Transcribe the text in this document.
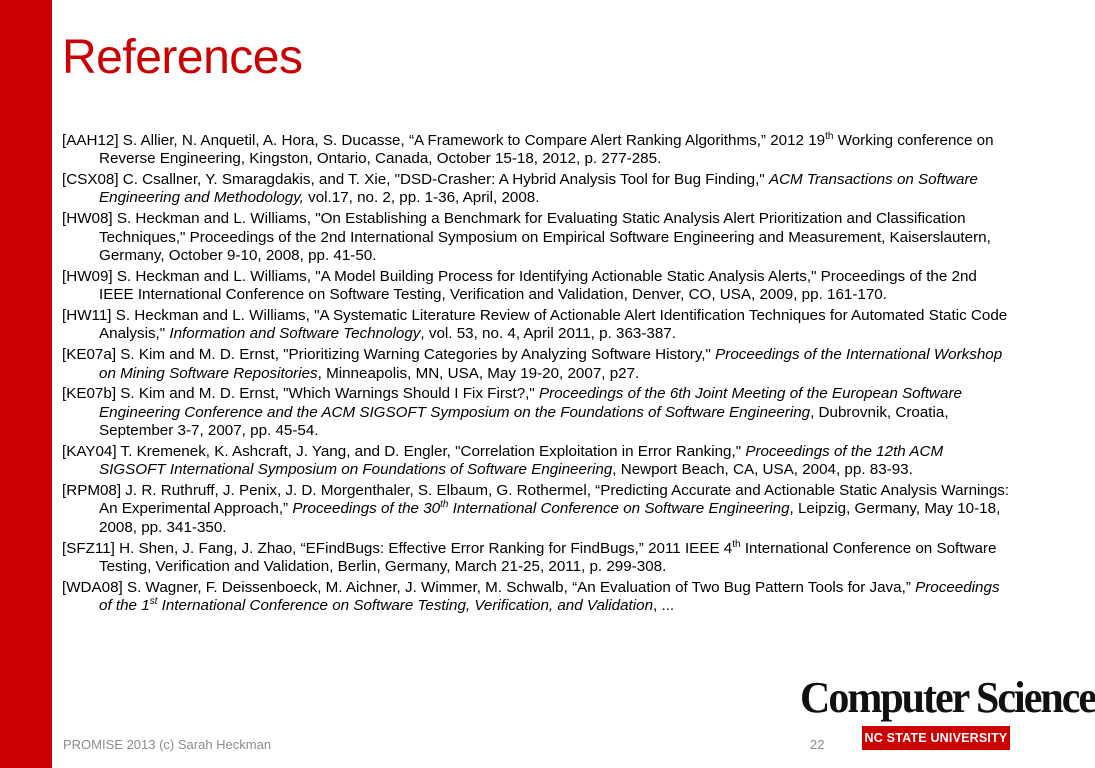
References

[AAH12] S. Allier, N. Anquetil, A. Hora, S. Ducasse, “A Framework to Compare Alert Ranking Algorithms,” 2012 19th Working conference on Reverse Engineering, Kingston, Ontario, Canada, October 15-18, 2012, p. 277-285.

[CSX08] C. Csallner, Y. Smaragdakis, and T. Xie, "DSD-Crasher: A Hybrid Analysis Tool for Bug Finding," ACM Transactions on Software Engineering and Methodology, vol.17, no. 2, pp. 1-36, April, 2008.

[HW08] S. Heckman and L. Williams, "On Establishing a Benchmark for Evaluating Static Analysis Alert Prioritization and Classification Techniques," Proceedings of the 2nd International Symposium on Empirical Software Engineering and Measurement, Kaiserslautern, Germany, October 9-10, 2008, pp. 41-50.

[HW09] S. Heckman and L. Williams, "A Model Building Process for Identifying Actionable Static Analysis Alerts," Proceedings of the 2nd IEEE International Conference on Software Testing, Verification and Validation, Denver, CO, USA, 2009, pp. 161-170.

[HW11] S. Heckman and L. Williams, "A Systematic Literature Review of Actionable Alert Identification Techniques for Automated Static Code Analysis," Information and Software Technology, vol. 53, no. 4, April 2011, p. 363-387.

[KE07a] S. Kim and M. D. Ernst, "Prioritizing Warning Categories by Analyzing Software History," Proceedings of the International Workshop on Mining Software Repositories, Minneapolis, MN, USA, May 19-20, 2007, p27.

[KE07b] S. Kim and M. D. Ernst, "Which Warnings Should I Fix First?," Proceedings of the 6th Joint Meeting of the European Software Engineering Conference and the ACM SIGSOFT Symposium on the Foundations of Software Engineering, Dubrovnik, Croatia, September 3-7, 2007, pp. 45-54.

[KAY04] T. Kremenek, K. Ashcraft, J. Yang, and D. Engler, "Correlation Exploitation in Error Ranking," Proceedings of the 12th ACM SIGSOFT International Symposium on Foundations of Software Engineering, Newport Beach, CA, USA, 2004, pp. 83-93.

[RPM08] J. R. Ruthruff, J. Penix, J. D. Morgenthaler, S. Elbaum, G. Rothermel, “Predicting Accurate and Actionable Static Analysis Warnings: An Experimental Approach,” Proceedings of the 30th International Conference on Software Engineering, Leipzig, Germany, May 10-18, 2008, pp. 341-350.

[SFZ11] H. Shen, J. Fang, J. Zhao, “EFindBugs: Effective Error Ranking for FindBugs,” 2011 IEEE 4th International Conference on Software Testing, Verification and Validation, Berlin, Germany, March 21-25, 2011, p. 299-308.

[WDA08] S. Wagner, F. Deissenboeck, M. Aichner, J. Wimmer, M. Schwalb, “An Evaluation of Two Bug Pattern Tools for Java,” Proceedings of the 1st International Conference on Software Testing, Verification, and Validation, ...

PROMISE 2013 (c) Sarah Heckman	22
Computer Science
NC STATE UNIVERSITY
